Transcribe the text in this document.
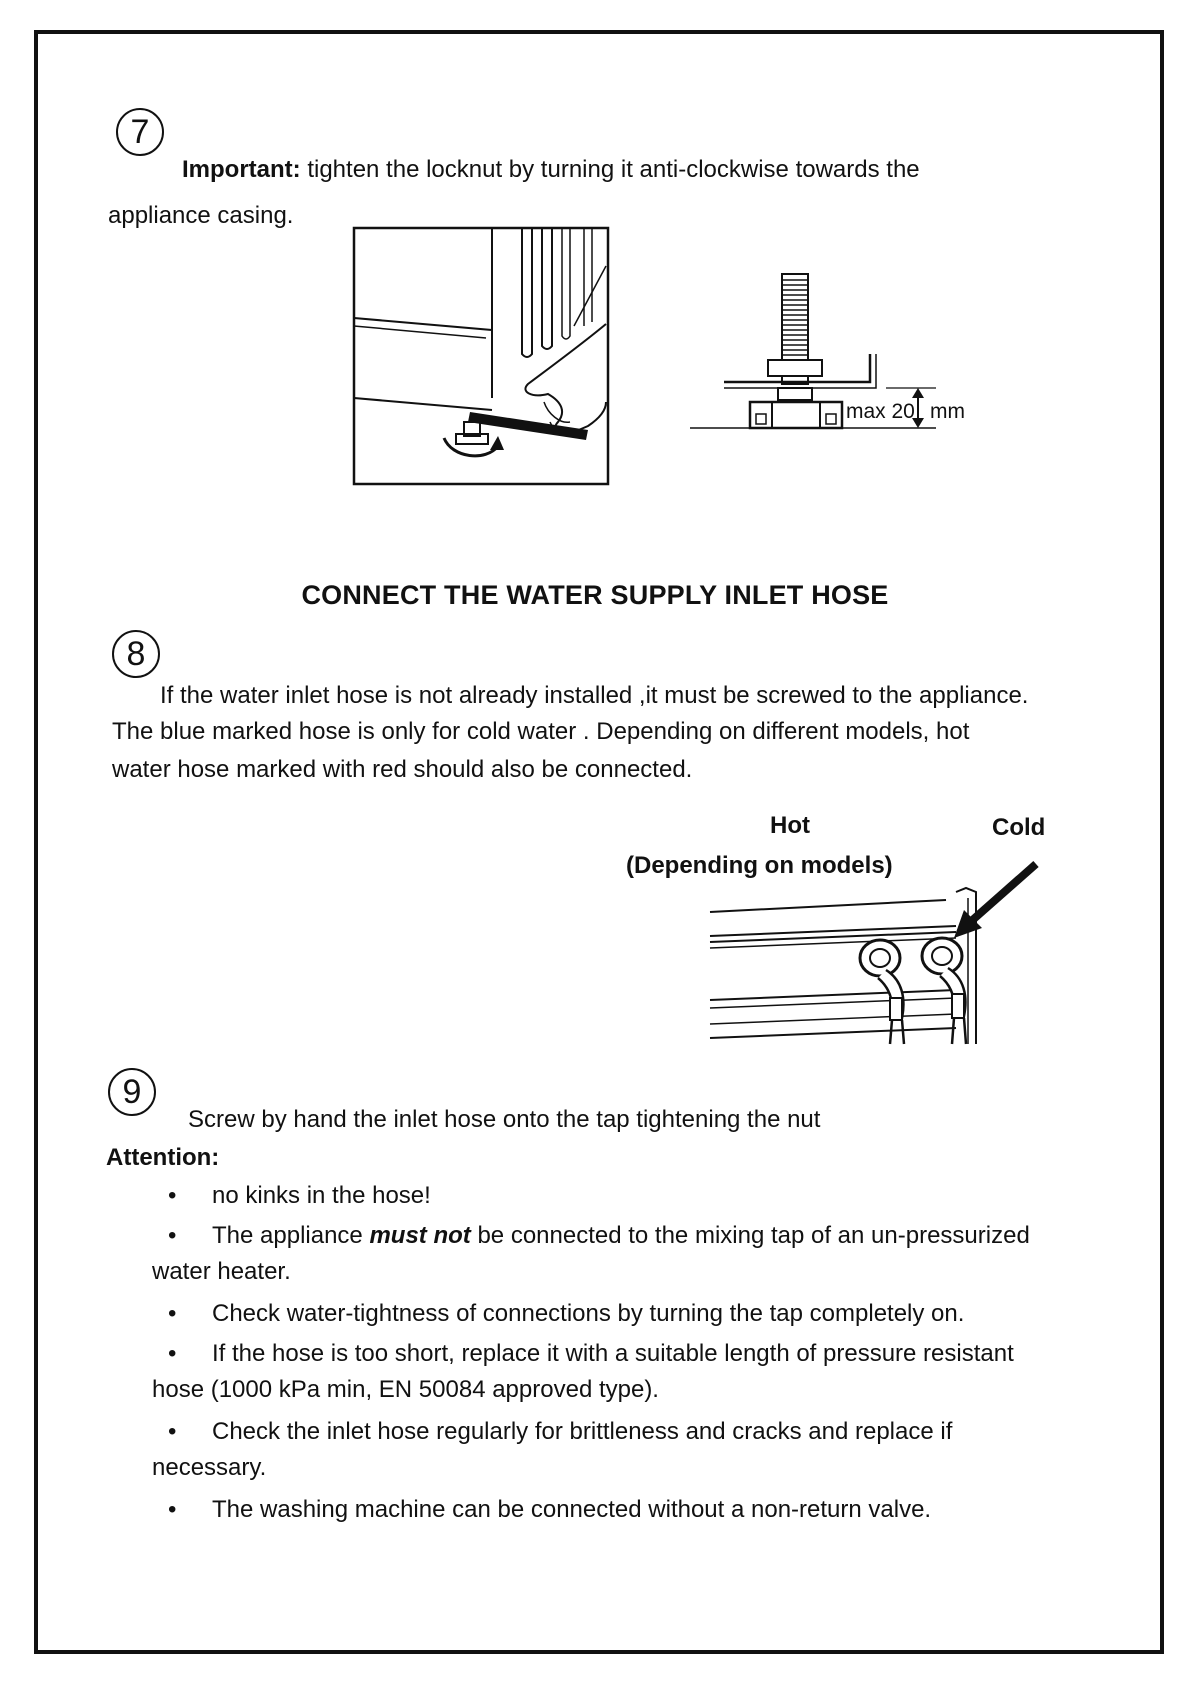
7
Important: tighten the locknut by turning it anti-clockwise towards the
appliance casing.
max 20 mm
CONNECT THE WATER SUPPLY INLET HOSE
8
If the water inlet hose is not already installed ,it must be screwed to the appliance.
The blue marked hose is only for cold water . Depending on different models, hot
water hose marked with red should also be connected.
Hot	Cold
(Depending on models)
9
Screw by hand the inlet hose onto the tap tightening the nut
Attention:
• no kinks in the hose!
• The appliance must not be connected to the mixing tap of an un-pressurized
water heater.
• Check water-tightness of connections by turning the tap completely on.
• If the hose is too short, replace it with a suitable length of pressure resistant
hose (1000 kPa min, EN 50084 approved type).
• Check the inlet hose regularly for brittleness and cracks and replace if
necessary.
• The washing machine can be connected without a non-return valve.
